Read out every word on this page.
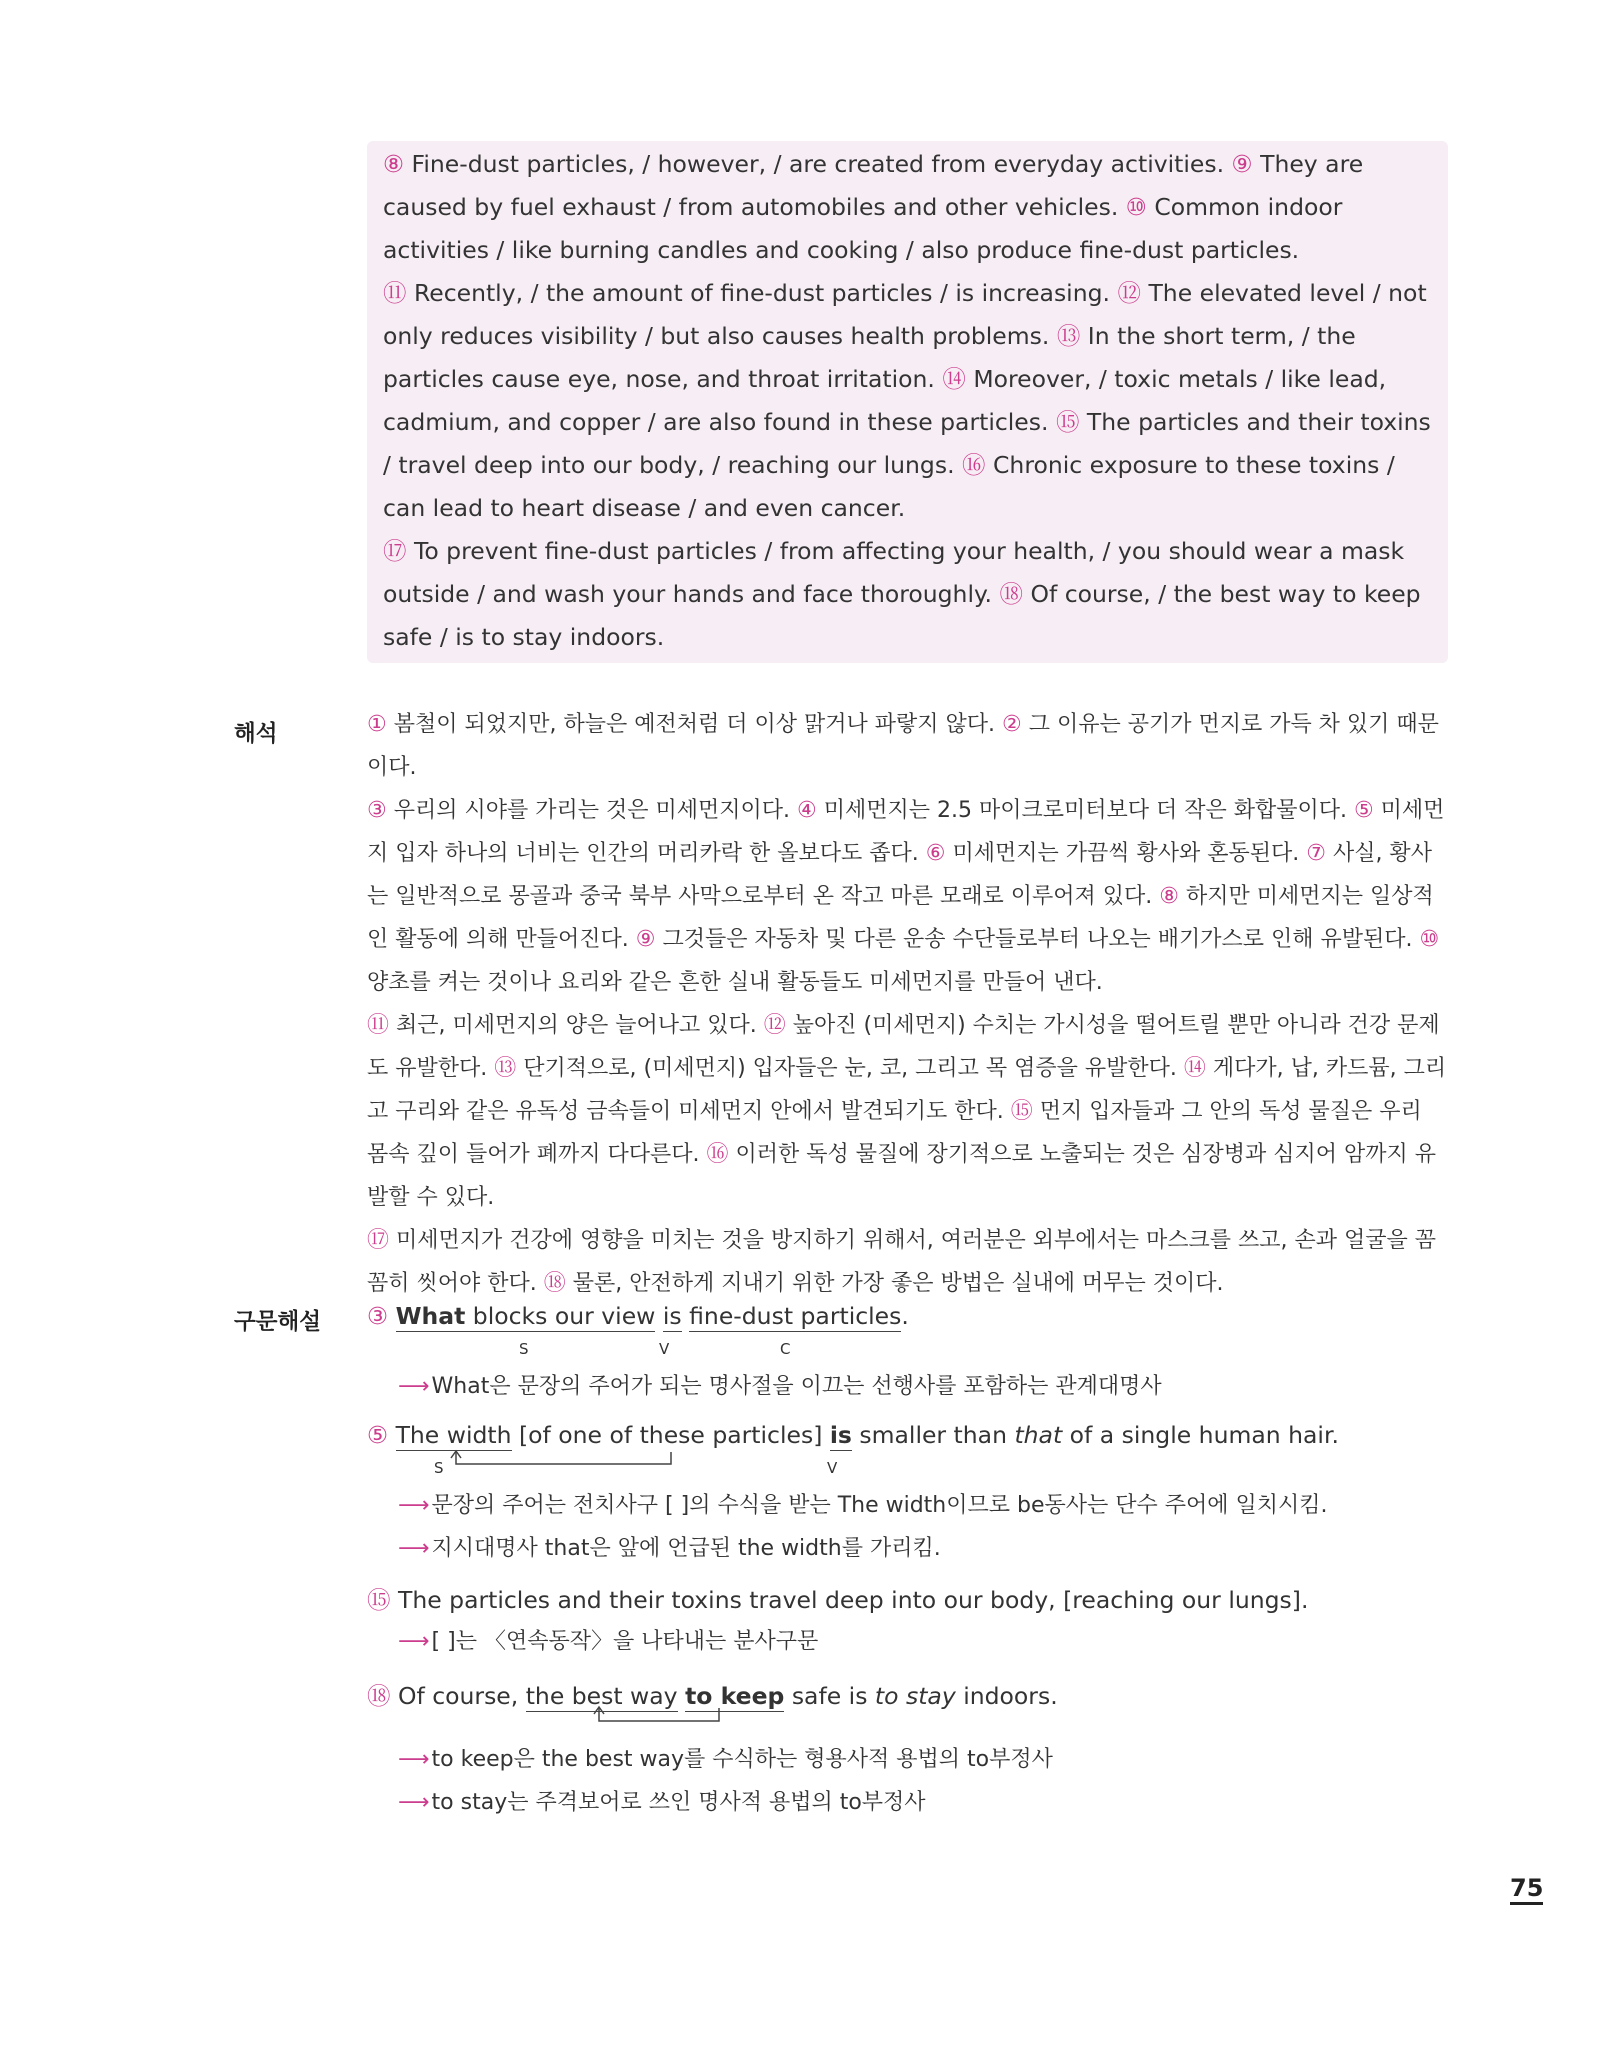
⑧ Fine-dust particles, / however, / are created from everyday activities. ⑨ They are caused by fuel exhaust / from automobiles and other vehicles. ⑩ Common indoor activities / like burning candles and cooking / also produce fine-dust particles.

⑪ Recently, / the amount of fine-dust particles / is increasing. ⑫ The elevated level / not only reduces visibility / but also causes health problems. ⑬ In the short term, / the particles cause eye, nose, and throat irritation. ⑭ Moreover, / toxic metals / like lead, cadmium, and copper / are also found in these particles. ⑮ The particles and their toxins / travel deep into our body, / reaching our lungs. ⑯ Chronic exposure to these toxins / can lead to heart disease / and even cancer.

⑰ To prevent fine-dust particles / from affecting your health, / you should wear a mask outside / and wash your hands and face thoroughly. ⑱ Of course, / the best way to keep safe / is to stay indoors.

해석	① 봄철이 되었지만, 하늘은 예전처럼 더 이상 맑거나 파랗지 않다. ② 그 이유는 공기가 먼지로 가득 차 있기 때문이다.

③ 우리의 시야를 가리는 것은 미세먼지이다. ④ 미세먼지는 2.5 마이크로미터보다 더 작은 화합물이다. ⑤ 미세먼지 입자 하나의 너비는 인간의 머리카락 한 올보다도 좁다. ⑥ 미세먼지는 가끔씩 황사와 혼동된다. ⑦ 사실, 황사는 일반적으로 몽골과 중국 북부 사막으로부터 온 작고 마른 모래로 이루어져 있다. ⑧ 하지만 미세먼지는 일상적인 활동에 의해 만들어진다. ⑨ 그것들은 자동차 및 다른 운송 수단들로부터 나오는 배기가스로 인해 유발된다. ⑩ 양초를 켜는 것이나 요리와 같은 흔한 실내 활동들도 미세먼지를 만들어 낸다.

⑪ 최근, 미세먼지의 양은 늘어나고 있다. ⑫ 높아진 (미세먼지) 수치는 가시성을 떨어트릴 뿐만 아니라 건강 문제도 유발한다. ⑬ 단기적으로, (미세먼지) 입자들은 눈, 코, 그리고 목 염증을 유발한다. ⑭ 게다가, 납, 카드뮴, 그리고 구리와 같은 유독성 금속들이 미세먼지 안에서 발견되기도 한다. ⑮ 먼지 입자들과 그 안의 독성 물질은 우리 몸속 깊이 들어가 폐까지 다다른다. ⑯ 이러한 독성 물질에 장기적으로 노출되는 것은 심장병과 심지어 암까지 유발할 수 있다.

⑰ 미세먼지가 건강에 영향을 미치는 것을 방지하기 위해서, 여러분은 외부에서는 마스크를 쓰고, 손과 얼굴을 꼼꼼히 씻어야 한다. ⑱ 물론, 안전하게 지내기 위한 가장 좋은 방법은 실내에 머무는 것이다.

구문해설 ③ What blocks our view is fine-dust particles.
S	V	C
⟶What은 문장의 주어가 되는 명사절을 이끄는 선행사를 포함하는 관계대명사
⑤ The width [of one of these particles] is smaller than that of a single human hair.
S	V
⟶문장의 주어는 전치사구 [ ]의 수식을 받는 The width이므로 be동사는 단수 주어에 일치시킴.
⟶지시대명사 that은 앞에 언급된 the width를 가리킴.
⑮ The particles and their toxins travel deep into our body, [reaching our lungs].
⟶[ ]는 〈연속동작〉을 나타내는 분사구문
⑱ Of course, the best way to keep safe is to stay indoors.
⟶to keep은 the best way를 수식하는 형용사적 용법의 to부정사
⟶to stay는 주격보어로 쓰인 명사적 용법의 to부정사
75
